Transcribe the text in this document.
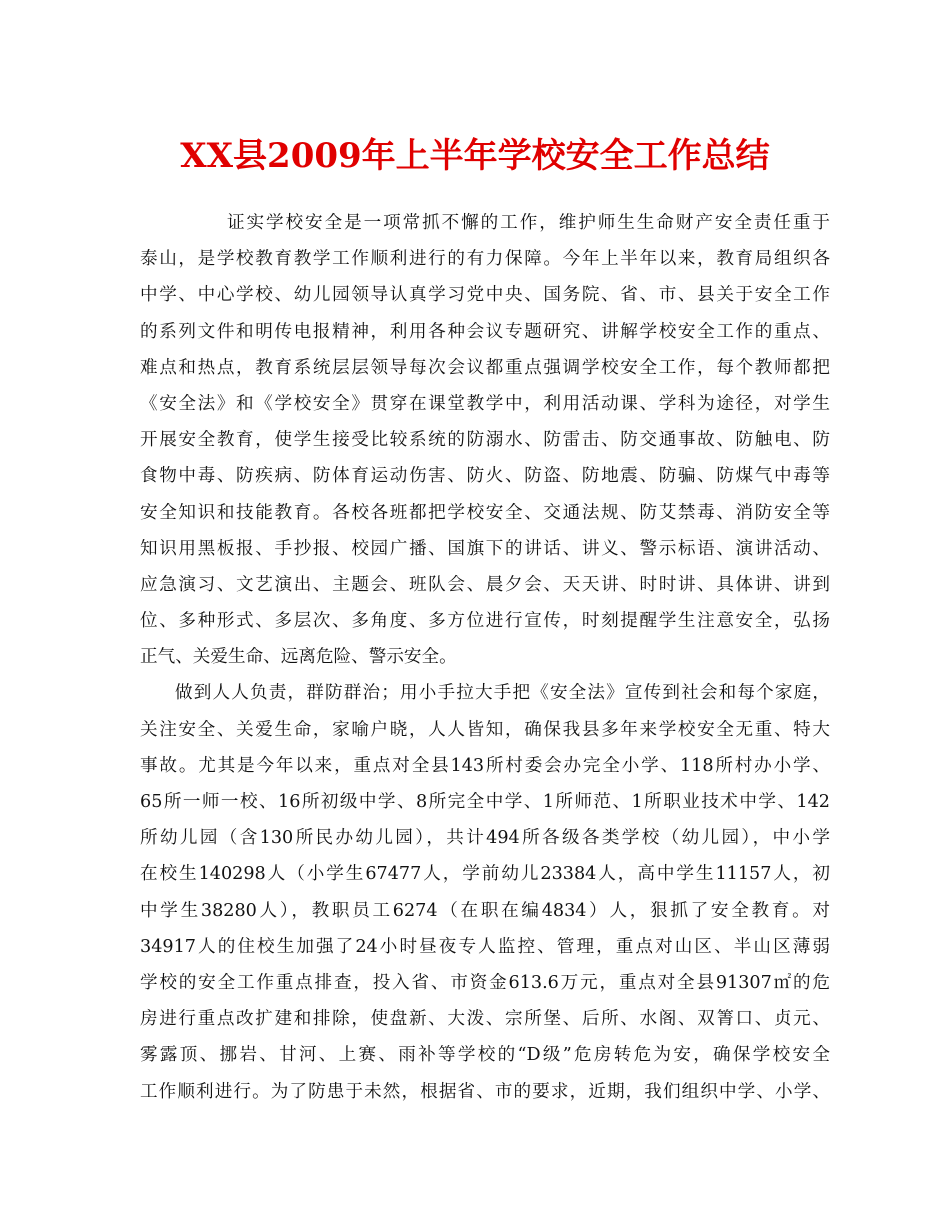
XX县2009年上半年学校安全工作总结
证实学校安全是一项常抓不懈的工作，维护师生生命财产安全责任重于
泰山，是学校教育教学工作顺利进行的有力保障。今年上半年以来，教育局组织各
中学、中心学校、幼儿园领导认真学习党中央、国务院、省、市、县关于安全工作
的系列文件和明传电报精神，利用各种会议专题研究、讲解学校安全工作的重点、
难点和热点，教育系统层层领导每次会议都重点强调学校安全工作，每个教师都把
《安全法》和《学校安全》贯穿在课堂教学中，利用活动课、学科为途径，对学生
开展安全教育，使学生接受比较系统的防溺水、防雷击、防交通事故、防触电、防
食物中毒、防疾病、防体育运动伤害、防火、防盗、防地震、防骗、防煤气中毒等
安全知识和技能教育。各校各班都把学校安全、交通法规、防艾禁毒、消防安全等
知识用黑板报、手抄报、校园广播、国旗下的讲话、讲义、警示标语、演讲活动、
应急演习、文艺演出、主题会、班队会、晨夕会、天天讲、时时讲、具体讲、讲到
位、多种形式、多层次、多角度、多方位进行宣传，时刻提醒学生注意安全，弘扬
正气、关爱生命、远离危险、警示安全。
做到人人负责，群防群治；用小手拉大手把《安全法》宣传到社会和每个家庭，
关注安全、关爱生命，家喻户晓，人人皆知，确保我县多年来学校安全无重、特大
事故。尤其是今年以来，重点对全县143所村委会办完全小学、118所村办小学、
65所一师一校、16所初级中学、8所完全中学、1所师范、1所职业技术中学、142
所幼儿园（含130所民办幼儿园），共计494所各级各类学校（幼儿园），中小学
在校生140298人（小学生67477人，学前幼儿23384人，高中学生11157人，初
中学生38280人），教职员工6274（在职在编4834）人，狠抓了安全教育。对
34917人的住校生加强了24小时昼夜专人监控、管理，重点对山区、半山区薄弱
学校的安全工作重点排查，投入省、市资金613.6万元，重点对全县91307㎡的危
房进行重点改扩建和排除，使盘新、大泼、宗所堡、后所、水阁、双箐口、贞元、
雾露顶、挪岩、甘河、上赛、雨补等学校的“D级”危房转危为安，确保学校安全
工作顺利进行。为了防患于未然，根据省、市的要求，近期，我们组织中学、小学、
